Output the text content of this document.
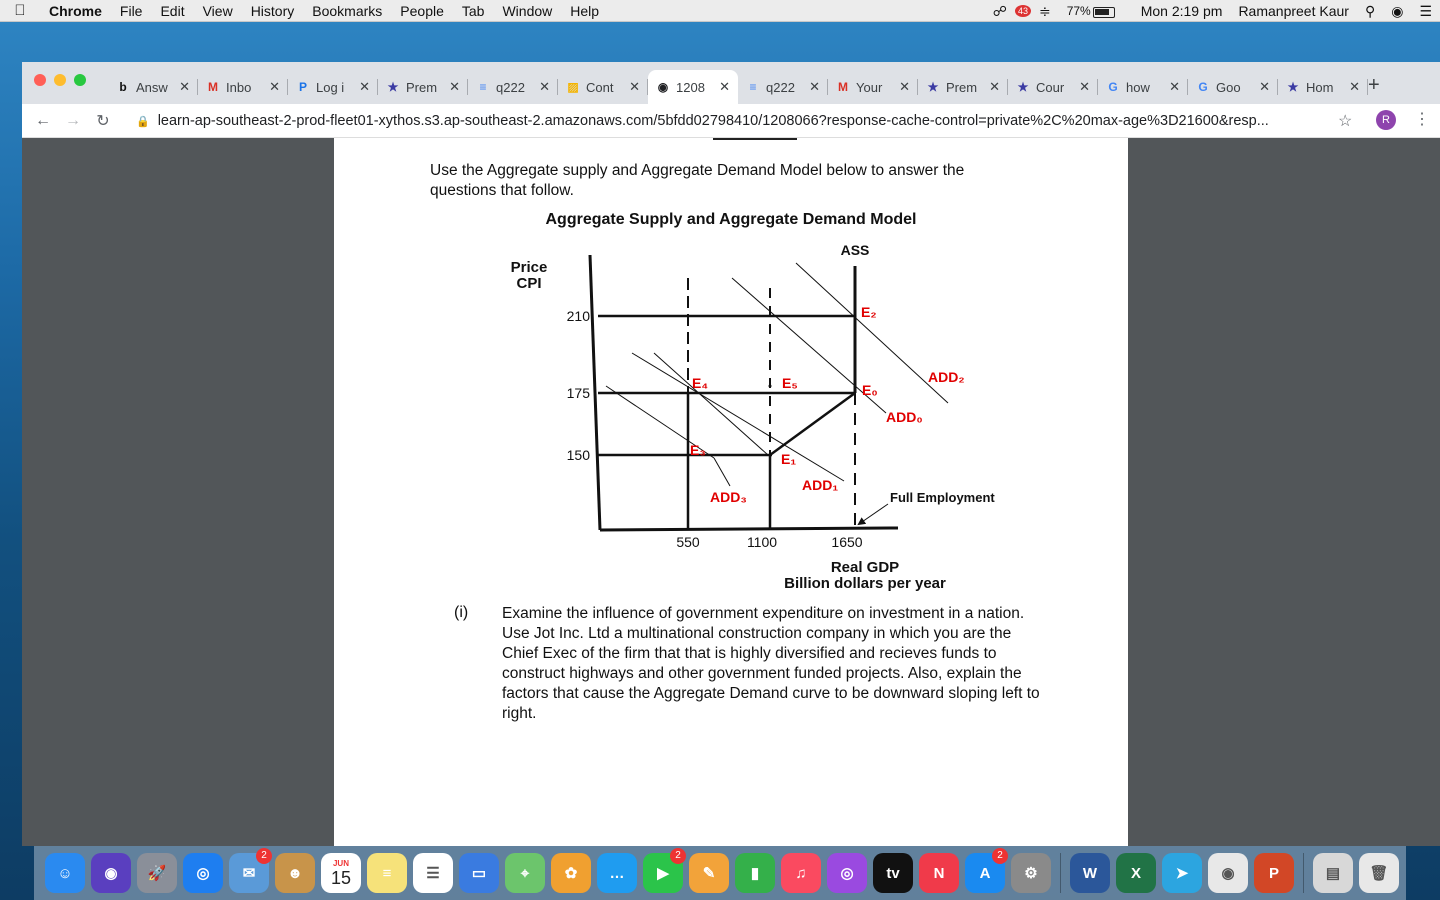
Chrome	File	Edit	View	History	Bookmarks	People	Tab	Window	Help	☍	43 ≑	77%	Mon 2:19 pm	Ramanpreet Kaur	⚲	◉	☰
b Answ ✕ M Inbo	✕ P Log i	✕ ★ Prem ✕ ≡ q222	✕ ▨ Cont	✕ ◉ 1208	✕ ≡ q222	✕ M Your	✕ ★ Prem ✕ ★ Cour	✕ G how	✕ G Goo	✕ ★ Hom	✕ +
← → ↻	🔒 learn-ap-southeast-2-prod-fleet01-xythos.s3.ap-southeast-2.amazonaws.com/5bfdd02798410/1208066?response-cache-control=private%2C%20max-age%3D21600&resp...	☆	R	⋮

Use the Aggregate supply and Aggregate Demand Model below to answer the questions that follow.

Aggregate Supply and Aggregate Demand Model
210
175
150
550	1100	1650
Price
CPI
Real GDP
Billion dollars per year
ASS
E₂
E₄	E₅	E₀
E₃
E₁
ADD₂
ADD₀
ADD₁
ADD₃	Full Employment
(i) Examine the influence of government expenditure on investment in a nation. Use Jot Inc. Ltd a multinational construction company in which you are the Chief Exec of the firm that that is highly diversified and recieves funds to construct highways and other government funded projects. Also, explain the factors that cause the Aggregate Demand curve to be downward sloping left to right.

☺	◉	🚀	◎	✉
2
☻
JUN
15	≡	☰	▭	⌖	✿	…	▶
2
✎	▮	♫	◎	tv	N	A
2
⚙	W	X	➤	◉	P	▤	🗑
